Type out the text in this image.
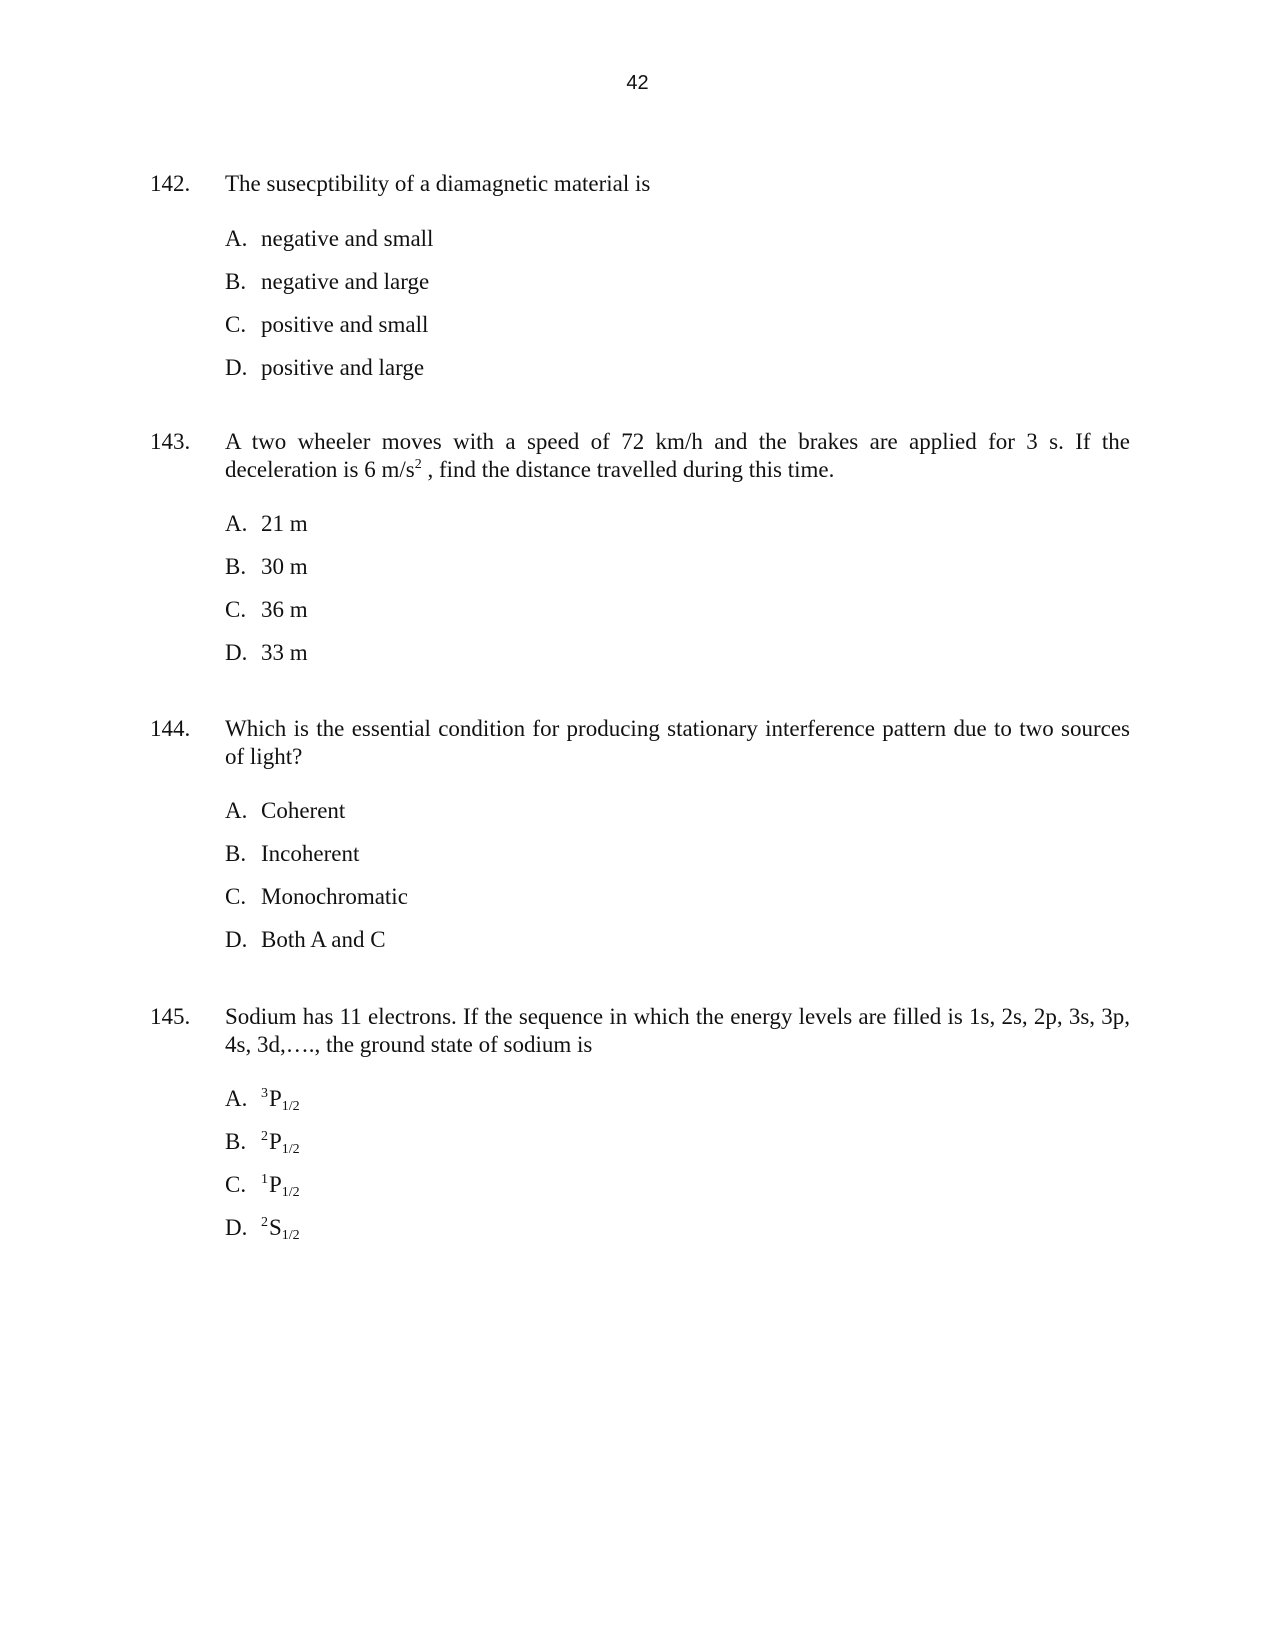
42
142. The susecptibility of a diamagnetic material is
A. negative and small
B. negative and large
C. positive and small
D. positive and large
143. A two wheeler moves with a speed of 72 km/h and the brakes are applied for 3 s. If the deceleration is 6 $m/s^2$ , find the distance travelled during this time.
A. 21 m
B. 30 m
C. 36 m
D. 33 m
144. Which is the essential condition for producing stationary interference pattern due to two sources of light?
A. Coherent
B. Incoherent
C. Monochromatic
D. Both A and C
145. Sodium has 11 electrons. If the sequence in which the energy levels are filled is 1s, 2s, 2p, 3s, 3p, 4s, 3d,…., the ground state of sodium is
A. $^3P_{1/2}$
B. $^2P_{1/2}$
C. $^1P_{1/2}$
D. $^2S_{1/2}$
